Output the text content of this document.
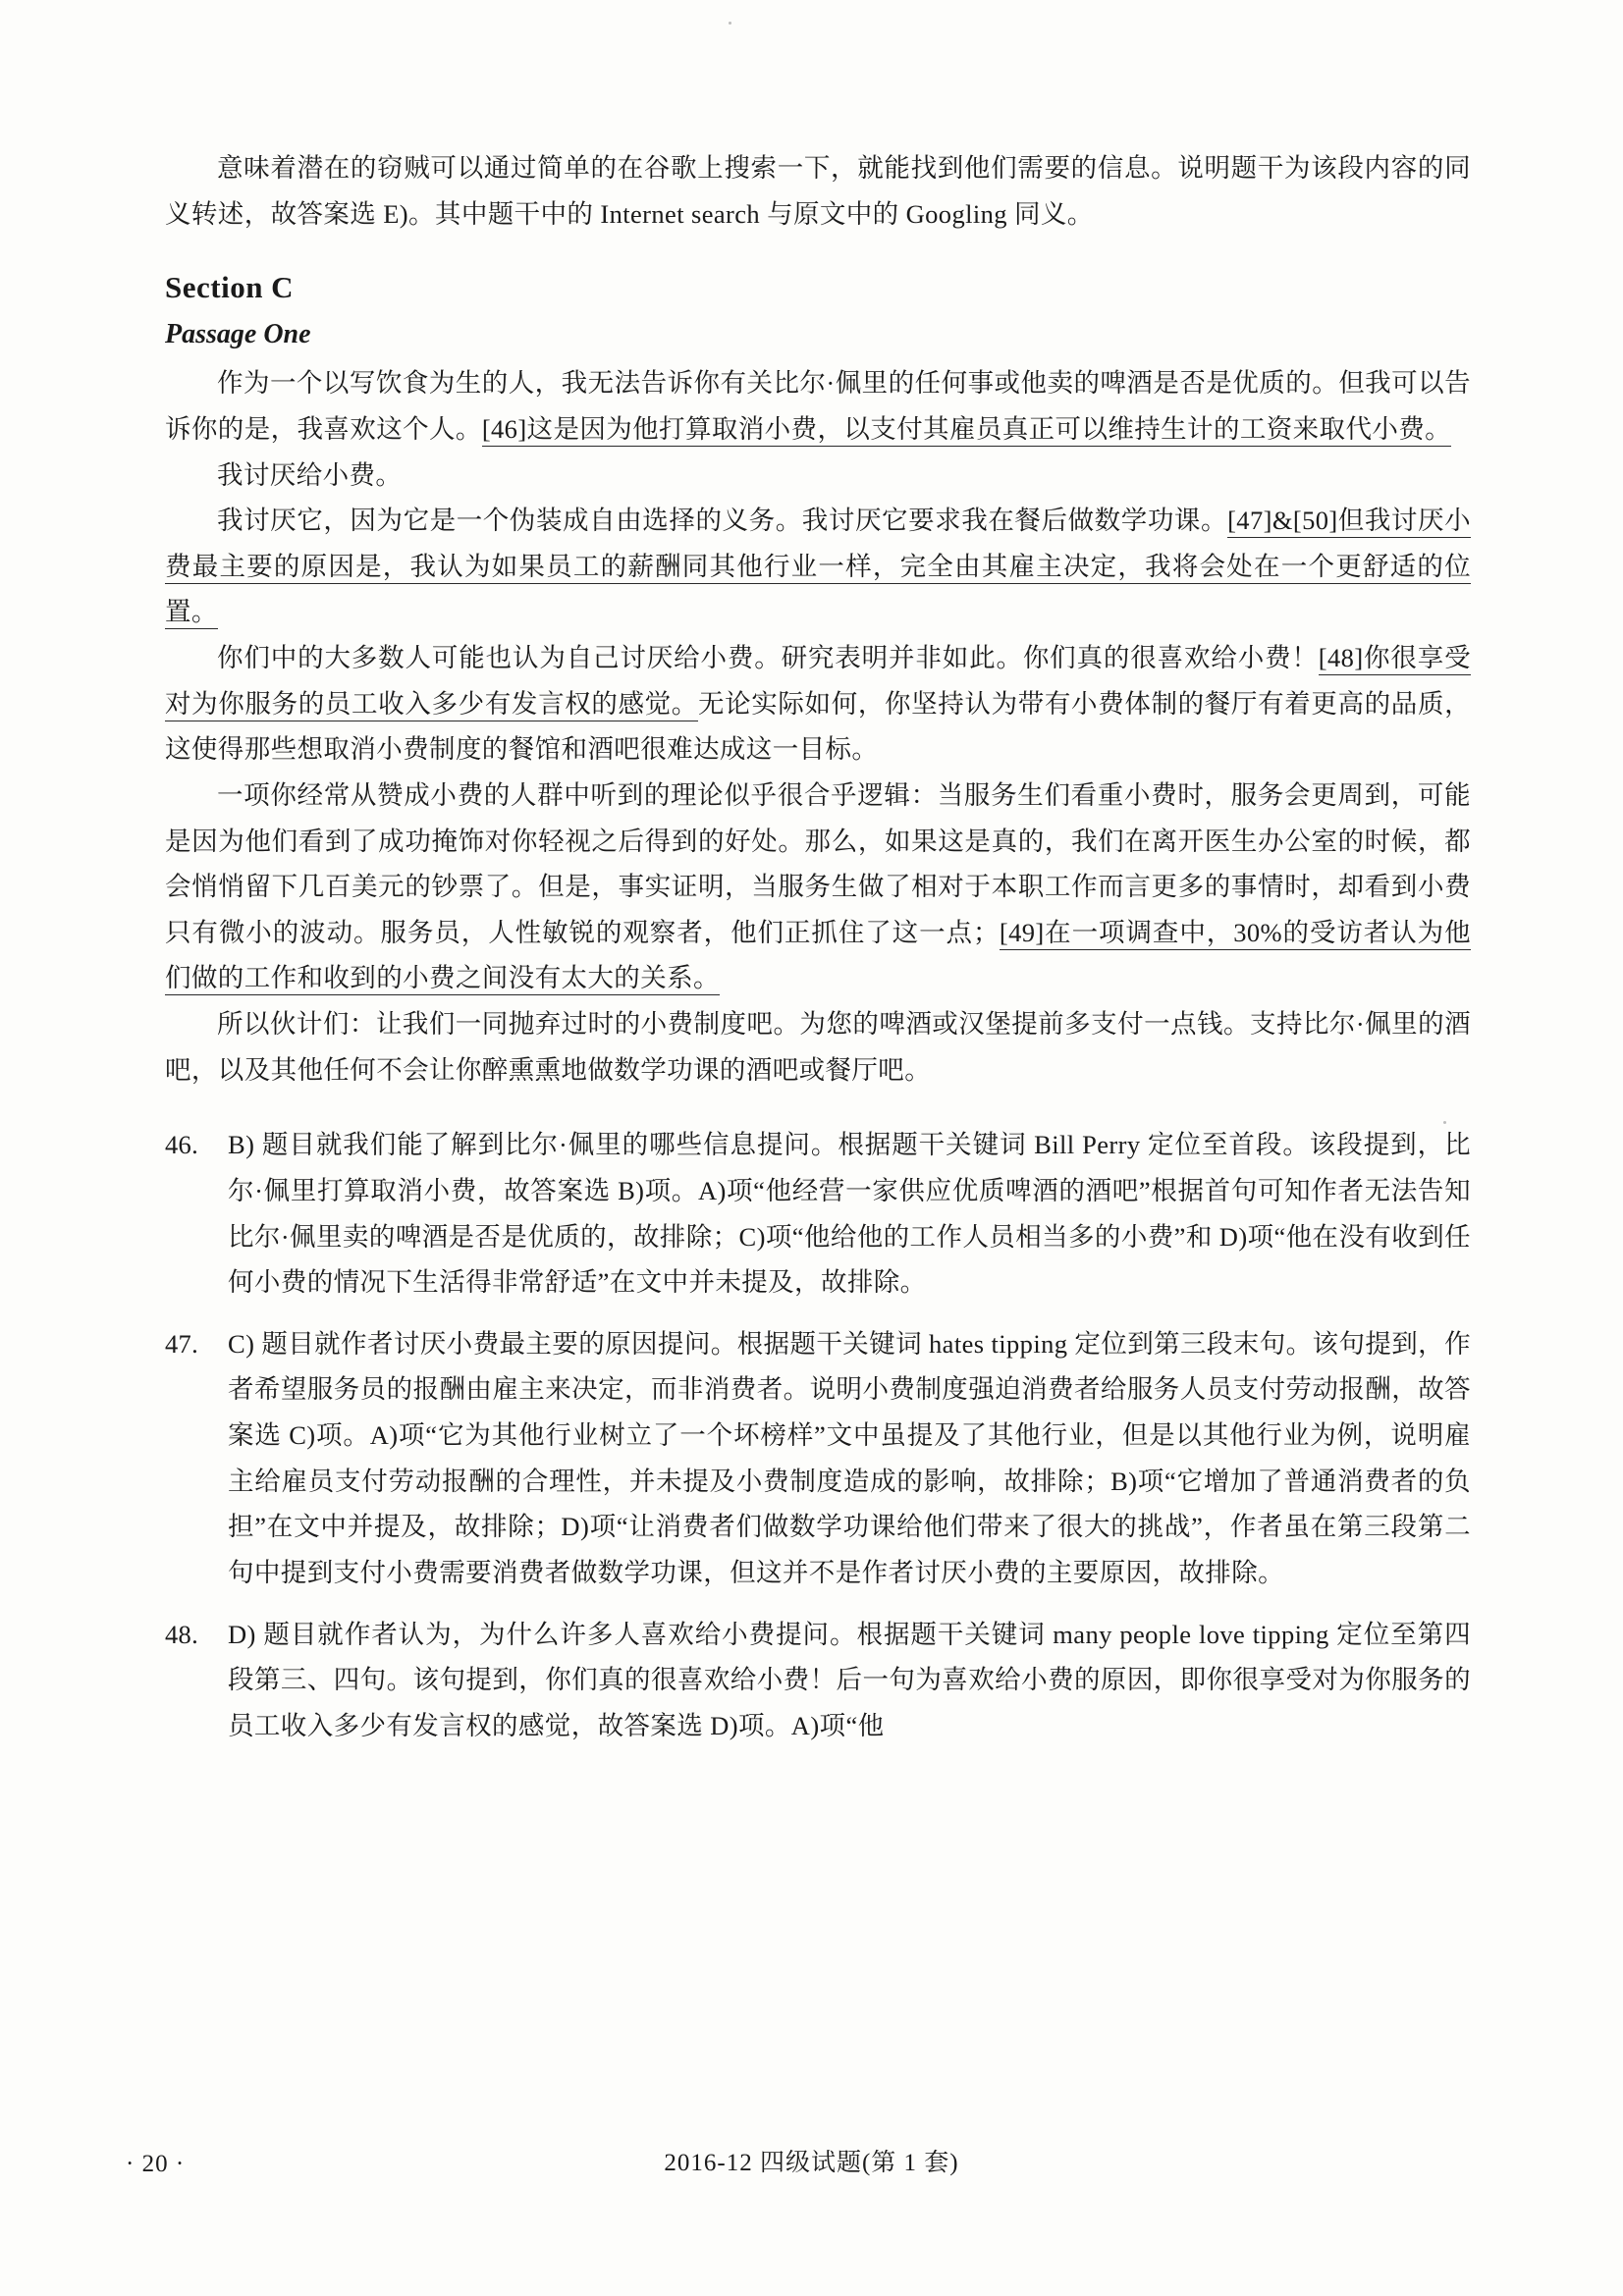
意味着潜在的窃贼可以通过简单的在谷歌上搜索一下，就能找到他们需要的信息。说明题干为该段内容的同义转述，故答案选 E)。其中题干中的 Internet search 与原文中的 Googling 同义。

Section C
Passage One

作为一个以写饮食为生的人，我无法告诉你有关比尔·佩里的任何事或他卖的啤酒是否是优质的。但我可以告诉你的是，我喜欢这个人。[46]这是因为他打算取消小费，以支付其雇员真正可以维持生计的工资来取代小费。

我讨厌给小费。

我讨厌它，因为它是一个伪装成自由选择的义务。我讨厌它要求我在餐后做数学功课。[47]&[50]但我讨厌小费最主要的原因是，我认为如果员工的薪酬同其他行业一样，完全由其雇主决定，我将会处在一个更舒适的位置。

你们中的大多数人可能也认为自己讨厌给小费。研究表明并非如此。你们真的很喜欢给小费！[48]你很享受对为你服务的员工收入多少有发言权的感觉。无论实际如何，你坚持认为带有小费体制的餐厅有着更高的品质，这使得那些想取消小费制度的餐馆和酒吧很难达成这一目标。

一项你经常从赞成小费的人群中听到的理论似乎很合乎逻辑：当服务生们看重小费时，服务会更周到，可能是因为他们看到了成功掩饰对你轻视之后得到的好处。那么，如果这是真的，我们在离开医生办公室的时候，都会悄悄留下几百美元的钞票了。但是，事实证明，当服务生做了相对于本职工作而言更多的事情时，却看到小费只有微小的波动。服务员，人性敏锐的观察者，他们正抓住了这一点；[49]在一项调查中，30%的受访者认为他们做的工作和收到的小费之间没有太大的关系。

所以伙计们：让我们一同抛弃过时的小费制度吧。为您的啤酒或汉堡提前多支付一点钱。支持比尔·佩里的酒吧，以及其他任何不会让你醉熏熏地做数学功课的酒吧或餐厅吧。

46.	B) 题目就我们能了解到比尔·佩里的哪些信息提问。根据题干关键词 Bill Perry 定位至首段。该段提到，比尔·佩里打算取消小费，故答案选 B)项。A)项“他经营一家供应优质啤酒的酒吧”根据首句可知作者无法告知比尔·佩里卖的啤酒是否是优质的，故排除；C)项“他给他的工作人员相当多的小费”和 D)项“他在没有收到任何小费的情况下生活得非常舒适”在文中并未提及，故排除。
47.	C) 题目就作者讨厌小费最主要的原因提问。根据题干关键词 hates tipping 定位到第三段末句。该句提到，作者希望服务员的报酬由雇主来决定，而非消费者。说明小费制度强迫消费者给服务人员支付劳动报酬，故答案选 C)项。A)项“它为其他行业树立了一个坏榜样”文中虽提及了其他行业，但是以其他行业为例，说明雇主给雇员支付劳动报酬的合理性，并未提及小费制度造成的影响，故排除；B)项“它增加了普通消费者的负担”在文中并提及，故排除；D)项“让消费者们做数学功课给他们带来了很大的挑战”，作者虽在第三段第二句中提到支付小费需要消费者做数学功课，但这并不是作者讨厌小费的主要原因，故排除。
48.	D) 题目就作者认为，为什么许多人喜欢给小费提问。根据题干关键词 many people love tipping 定位至第四段第三、四句。该句提到，你们真的很喜欢给小费！后一句为喜欢给小费的原因，即你很享受对为你服务的员工收入多少有发言权的感觉，故答案选 D)项。A)项“他
· 20 ·	2016-12 四级试题(第 1 套)
